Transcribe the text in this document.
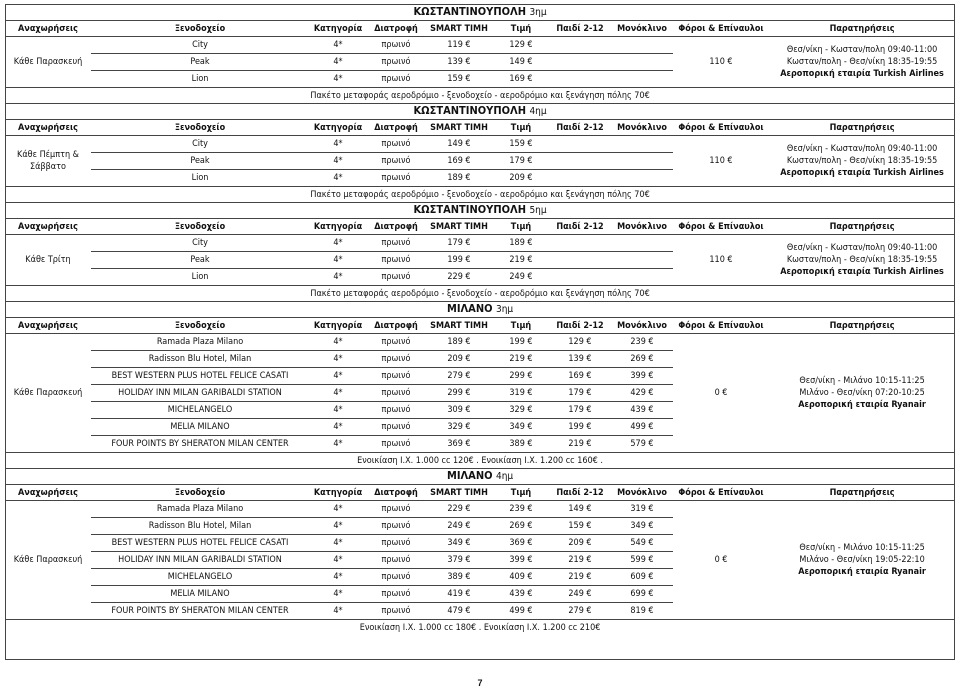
ΚΩΣΤΑΝΤΙΝΟΥΠΟΛΗ 3ημ									
Αναχωρήσεις	Ξενοδοχείο	Κατηγορία	Διατροφή	SMART ΤΙΜΗ	Τιμή	Παιδί 2-12	Μονόκλινο	Φόροι & Επίναυλοι	Παρατηρήσεις
Κάθε Παρασκευή	City	4*	πρωινό	119 €	129 €			110 €	Θεσ/νίκη - Κωσταν/πολη 09:40-11:00
Κωσταν/πολη - Θεσ/νίκη 18:35-19:55
Αεροπορική εταιρία Turkish Airlines

	Peak	4*	πρωινό	139 €	149 €				
	Lion	4*	πρωινό	159 €	169 €				
Πακέτο μεταφοράς αεροδρόμιο - ξενοδοχείο - αεροδρόμιο και ξενάγηση πόλης 70€									
ΚΩΣΤΑΝΤΙΝΟΥΠΟΛΗ 4ημ									
Αναχωρήσεις	Ξενοδοχείο	Κατηγορία	Διατροφή	SMART ΤΙΜΗ	Τιμή	Παιδί 2-12	Μονόκλινο	Φόροι & Επίναυλοι	Παρατηρήσεις
Κάθε Πέμπτη & Σάββατο	City	4*	πρωινό	149 €	159 €			110 €	Θεσ/νίκη - Κωσταν/πολη 09:40-11:00
Κωσταν/πολη - Θεσ/νίκη 18:35-19:55
Αεροπορική εταιρία Turkish Airlines

	Peak	4*	πρωινό	169 €	179 €				
	Lion	4*	πρωινό	189 €	209 €				
Πακέτο μεταφοράς αεροδρόμιο - ξενοδοχείο - αεροδρόμιο και ξενάγηση πόλης 70€									
ΚΩΣΤΑΝΤΙΝΟΥΠΟΛΗ 5ημ									
Αναχωρήσεις	Ξενοδοχείο	Κατηγορία	Διατροφή	SMART ΤΙΜΗ	Τιμή	Παιδί 2-12	Μονόκλινο	Φόροι & Επίναυλοι	Παρατηρήσεις
Κάθε Τρίτη	City	4*	πρωινό	179 €	189 €			110 €	Θεσ/νίκη - Κωσταν/πολη 09:40-11:00
Κωσταν/πολη - Θεσ/νίκη 18:35-19:55
Αεροπορική εταιρία Turkish Airlines

	Peak	4*	πρωινό	199 €	219 €				
	Lion	4*	πρωινό	229 €	249 €				
Πακέτο μεταφοράς αεροδρόμιο - ξενοδοχείο - αεροδρόμιο και ξενάγηση πόλης 70€									
ΜΙΛΑΝΟ 3ημ									
Αναχωρήσεις	Ξενοδοχείο	Κατηγορία	Διατροφή	SMART ΤΙΜΗ	Τιμή	Παιδί 2-12	Μονόκλινο	Φόροι & Επίναυλοι	Παρατηρήσεις
Κάθε Παρασκευή	Ramada Plaza Milano	4*	πρωινό	189 €	199 €	129 €	239 €	0 €	Θεσ/νίκη - Μιλάνο 10:15-11:25
Μιλάνο - Θεσ/νίκη 07:20-10:25
Αεροπορική εταιρία Ryanair

	Radisson Blu Hotel, Milan	4*	πρωινό	209 €	219 €	139 €	269 €		
	BEST WESTERN PLUS HOTEL FELICE CASATI	4*	πρωινό	279 €	299 €	169 €	399 €		
	HOLIDAY INN MILAN GARIBALDI STATION	4*	πρωινό	299 €	319 €	179 €	429 €		
	MICHELANGELO	4*	πρωινό	309 €	329 €	179 €	439 €		
	MELIA MILANO	4*	πρωινό	329 €	349 €	199 €	499 €		
	FOUR POINTS BY SHERATON MILAN CENTER	4*	πρωινό	369 €	389 €	219 €	579 €		
Ενοικίαση Ι.Χ. 1.000 cc 120€ . Ενοικίαση Ι.Χ. 1.200 cc 160€ .									
ΜΙΛΑΝΟ 4ημ									
Αναχωρήσεις	Ξενοδοχείο	Κατηγορία	Διατροφή	SMART ΤΙΜΗ	Τιμή	Παιδί 2-12	Μονόκλινο	Φόροι & Επίναυλοι	Παρατηρήσεις
Κάθε Παρασκευή	Ramada Plaza Milano	4*	πρωινό	229 €	239 €	149 €	319 €	0 €	Θεσ/νίκη - Μιλάνο 10:15-11:25
Μιλάνο - Θεσ/νίκη 19:05-22:10
Αεροπορική εταιρία Ryanair

	Radisson Blu Hotel, Milan	4*	πρωινό	249 €	269 €	159 €	349 €		
	BEST WESTERN PLUS HOTEL FELICE CASATI	4*	πρωινό	349 €	369 €	209 €	549 €		
	HOLIDAY INN MILAN GARIBALDI STATION	4*	πρωινό	379 €	399 €	219 €	599 €		
	MICHELANGELO	4*	πρωινό	389 €	409 €	219 €	609 €		
	MELIA MILANO	4*	πρωινό	419 €	439 €	249 €	699 €		
	FOUR POINTS BY SHERATON MILAN CENTER	4*	πρωινό	479 €	499 €	279 €	819 €		
Ενοικίαση Ι.Χ. 1.000 cc 180€ . Ενοικίαση Ι.Χ. 1.200 cc 210€									
7
